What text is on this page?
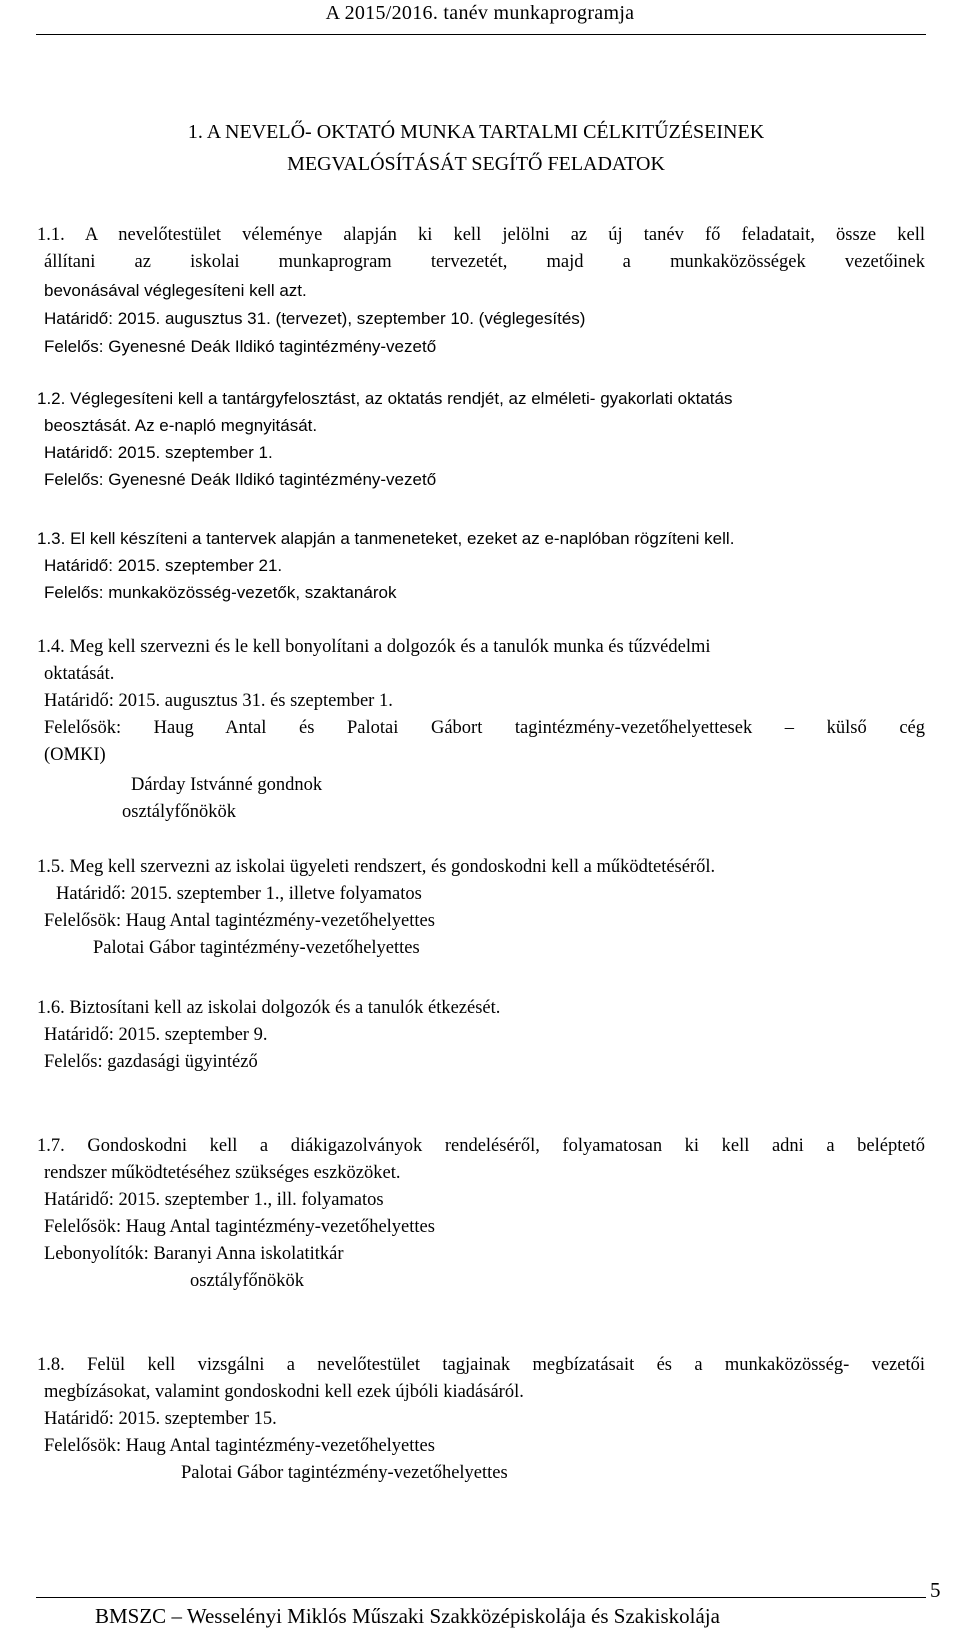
A 2015/2016. tanév munkaprogramja
1. A NEVELŐ- OKTATÓ MUNKA TARTALMI CÉLKITŰZÉSEINEK
MEGVALÓSÍTÁSÁT SEGÍTŐ FELADATOK
1.1. A nevelőtestület véleménye alapján ki kell jelölni az új tanév fő feladatait, össze kell
állítani az iskolai munkaprogram tervezetét, majd a munkaközösségek vezetőinek
bevonásával véglegesíteni kell azt.
Határidő: 2015. augusztus 31. (tervezet), szeptember 10. (véglegesítés)
Felelős: Gyenesné Deák Ildikó tagintézmény-vezető
1.2. Véglegesíteni kell a tantárgyfelosztást, az oktatás rendjét, az elméleti- gyakorlati oktatás
beosztását. Az e-napló megnyitását.
Határidő: 2015. szeptember 1.
Felelős: Gyenesné Deák Ildikó tagintézmény-vezető
1.3. El kell készíteni a tantervek alapján a tanmeneteket, ezeket az e-naplóban rögzíteni kell.
Határidő: 2015. szeptember 21.
Felelős: munkaközösség-vezetők, szaktanárok
1.4. Meg kell szervezni és le kell bonyolítani a dolgozók és a tanulók munka és tűzvédelmi
oktatását.
Határidő: 2015. augusztus 31. és szeptember 1.
Felelősök: Haug Antal és Palotai Gábort tagintézmény-vezetőhelyettesek – külső cég
(OMKI)
Dárday Istvánné gondnok
osztályfőnökök
1.5. Meg kell szervezni az iskolai ügyeleti rendszert, és gondoskodni kell a működtetéséről.
Határidő: 2015. szeptember 1., illetve folyamatos
Felelősök: Haug Antal tagintézmény-vezetőhelyettes
Palotai Gábor tagintézmény-vezetőhelyettes
1.6. Biztosítani kell az iskolai dolgozók és a tanulók étkezését.
Határidő: 2015. szeptember 9.
Felelős: gazdasági ügyintéző
1.7. Gondoskodni kell a diákigazolványok rendeléséről, folyamatosan ki kell adni a beléptető
rendszer működtetéséhez szükséges eszközöket.
Határidő: 2015. szeptember 1., ill. folyamatos
Felelősök: Haug Antal tagintézmény-vezetőhelyettes
Lebonyolítók: Baranyi Anna iskolatitkár
osztályfőnökök
1.8. Felül kell vizsgálni a nevelőtestület tagjainak megbízatásait és a munkaközösség- vezetői
megbízásokat, valamint gondoskodni kell ezek újbóli kiadásáról.
Határidő: 2015. szeptember 15.
Felelősök: Haug Antal tagintézmény-vezetőhelyettes
Palotai Gábor tagintézmény-vezetőhelyettes
BMSZC – Wesselényi Miklós Műszaki Szakközépiskolája és Szakiskolája
5
